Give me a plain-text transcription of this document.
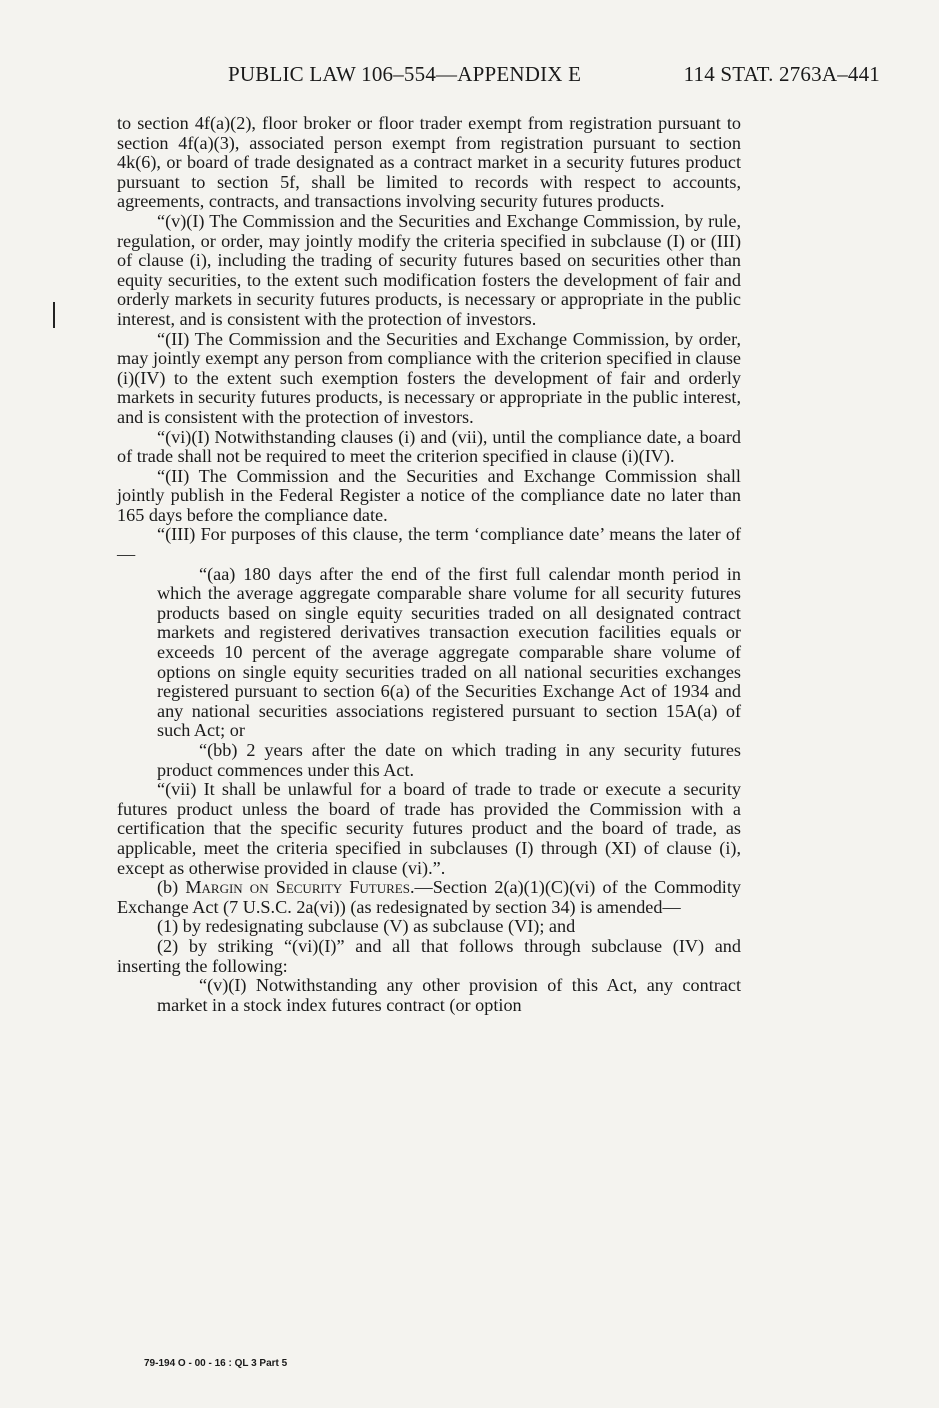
PUBLIC LAW 106–554—APPENDIX E	114 STAT. 2763A–441

to section 4f(a)(2), floor broker or floor trader exempt from registration pursuant to section 4f(a)(3), associated person exempt from registration pursuant to section 4k(6), or board of trade designated as a contract market in a security futures product pursuant to section 5f, shall be limited to records with respect to accounts, agreements, contracts, and transactions involving security futures products.

“(v)(I) The Commission and the Securities and Exchange Commission, by rule, regulation, or order, may jointly modify the criteria specified in subclause (I) or (III) of clause (i), including the trading of security futures based on securities other than equity securities, to the extent such modification fosters the development of fair and orderly markets in security futures products, is necessary or appropriate in the public interest, and is consistent with the protection of investors.

“(II) The Commission and the Securities and Exchange Commission, by order, may jointly exempt any person from compliance with the criterion specified in clause (i)(IV) to the extent such exemption fosters the development of fair and orderly markets in security futures products, is necessary or appropriate in the public interest, and is consistent with the protection of investors.

“(vi)(I) Notwithstanding clauses (i) and (vii), until the compliance date, a board of trade shall not be required to meet the criterion specified in clause (i)(IV).

“(II) The Commission and the Securities and Exchange Commission shall jointly publish in the Federal Register a notice of the compliance date no later than 165 days before the compliance date.

“(III) For purposes of this clause, the term ‘compliance date’ means the later of—

“(aa) 180 days after the end of the first full calendar month period in which the average aggregate comparable share volume for all security futures products based on single equity securities traded on all designated contract markets and registered derivatives transaction execution facilities equals or exceeds 10 percent of the average aggregate comparable share volume of options on single equity securities traded on all national securities exchanges registered pursuant to section 6(a) of the Securities Exchange Act of 1934 and any national securities associations registered pursuant to section 15A(a) of such Act; or

“(bb) 2 years after the date on which trading in any security futures product commences under this Act.

“(vii) It shall be unlawful for a board of trade to trade or execute a security futures product unless the board of trade has provided the Commission with a certification that the specific security futures product and the board of trade, as applicable, meet the criteria specified in subclauses (I) through (XI) of clause (i), except as otherwise provided in clause (vi).”.

(b) Margin on Security Futures.—Section 2(a)(1)(C)(vi) of the Commodity Exchange Act (7 U.S.C. 2a(vi)) (as redesignated by section 34) is amended—

(1) by redesignating subclause (V) as subclause (VI); and

(2) by striking “(vi)(I)” and all that follows through subclause (IV) and inserting the following:

“(v)(I) Notwithstanding any other provision of this Act, any contract market in a stock index futures contract (or option

79-194 O - 00 - 16 : QL 3 Part 5
